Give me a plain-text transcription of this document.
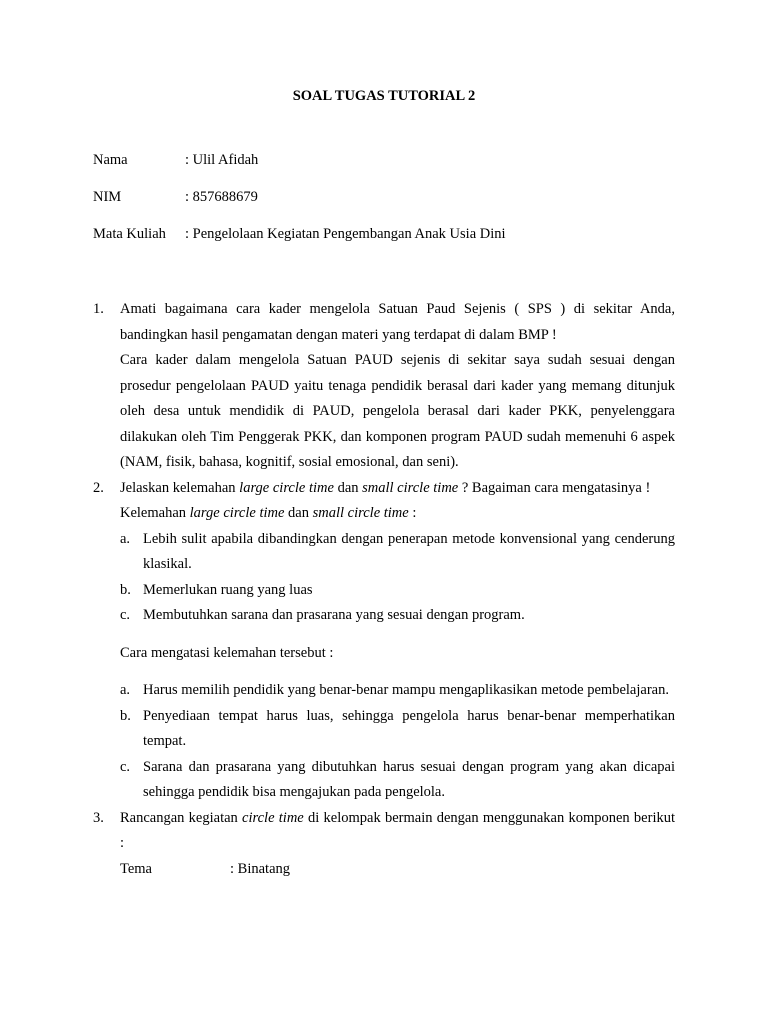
SOAL TUGAS TUTORIAL 2
Nama	: Ulil Afidah
NIM	: 857688679
Mata Kuliah : Pengelolaan Kegiatan Pengembangan Anak Usia Dini
1. Amati bagaimana cara kader mengelola Satuan Paud Sejenis ( SPS ) di sekitar Anda, bandingkan hasil pengamatan dengan materi yang terdapat di dalam BMP !
Cara kader dalam mengelola Satuan PAUD sejenis di sekitar saya sudah sesuai dengan prosedur pengelolaan PAUD yaitu tenaga pendidik berasal dari kader yang memang ditunjuk oleh desa untuk mendidik di PAUD, pengelola berasal dari kader PKK, penyelenggara dilakukan oleh Tim Penggerak PKK, dan komponen program PAUD sudah memenuhi 6 aspek (NAM, fisik, bahasa, kognitif, sosial emosional, dan seni).
2. Jelaskan kelemahan large circle time dan small circle time ? Bagaiman cara mengatasinya !
Kelemahan large circle time dan small circle time :
a. Lebih sulit apabila dibandingkan dengan penerapan metode konvensional yang cenderung klasikal.
b. Memerlukan ruang yang luas
c. Membutuhkan sarana dan prasarana yang sesuai dengan program.
Cara mengatasi kelemahan tersebut :
a. Harus memilih pendidik yang benar-benar mampu mengaplikasikan metode pembelajaran.
b. Penyediaan tempat harus luas, sehingga pengelola harus benar-benar memperhatikan tempat.
c. Sarana dan prasarana yang dibutuhkan harus sesuai dengan program yang akan dicapai sehingga pendidik bisa mengajukan pada pengelola.
3. Rancangan kegiatan circle time di kelompak bermain dengan menggunakan komponen berikut :
Tema	: Binatang
